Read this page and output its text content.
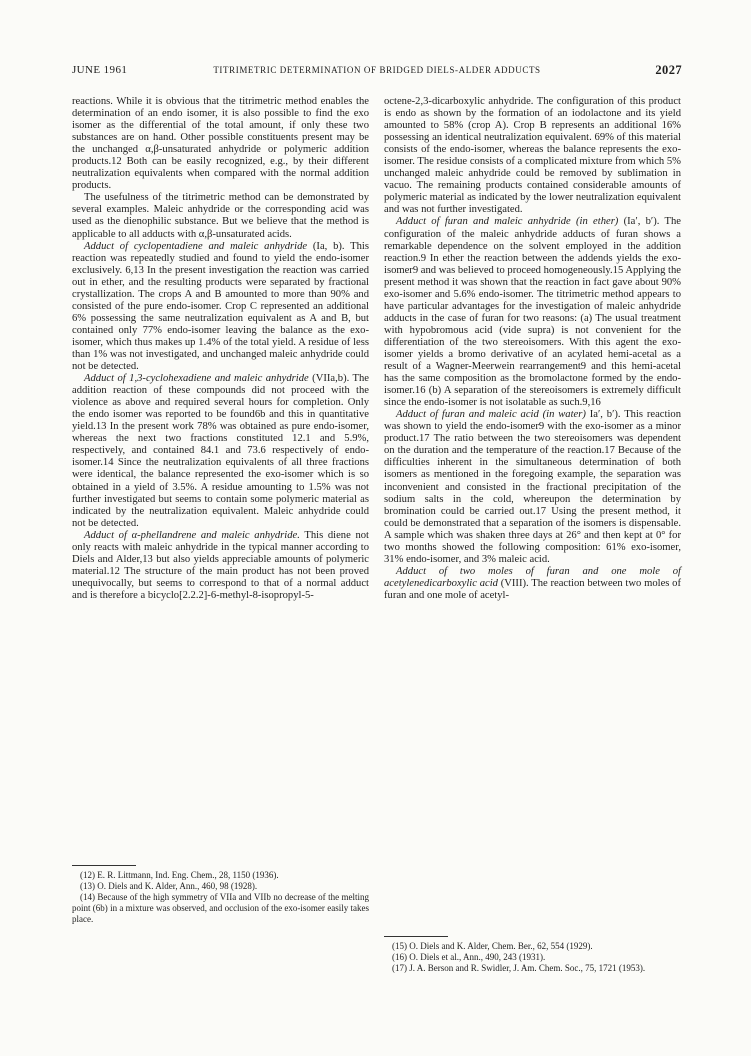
JUNE 1961	TITRIMETRIC DETERMINATION OF BRIDGED DIELS-ALDER ADDUCTS	2027

reactions. While it is obvious that the titrimetric method enables the determination of an endo isomer, it is also possible to find the exo isomer as the differential of the total amount, if only these two substances are on hand. Other possible constituents present may be the unchanged α,β-unsaturated anhydride or polymeric addition products.12 Both can be easily recognized, e.g., by their different neutralization equivalents when compared with the normal addition products.

The usefulness of the titrimetric method can be demonstrated by several examples. Maleic anhydride or the corresponding acid was used as the dienophilic substance. But we believe that the method is applicable to all adducts with α,β-unsaturated acids.

Adduct of cyclopentadiene and maleic anhydride (Ia, b). This reaction was repeatedly studied and found to yield the endo-isomer exclusively. 6,13 In the present investigation the reaction was carried out in ether, and the resulting products were separated by fractional crystallization. The crops A and B amounted to more than 90% and consisted of the pure endo-isomer. Crop C represented an additional 6% possessing the same neutralization equivalent as A and B, but contained only 77% endo-isomer leaving the balance as the exo-isomer, which thus makes up 1.4% of the total yield. A residue of less than 1% was not investigated, and unchanged maleic anhydride could not be detected.

Adduct of 1,3-cyclohexadiene and maleic anhydride (VIIa,b). The addition reaction of these compounds did not proceed with the violence as above and required several hours for completion. Only the endo isomer was reported to be found6b and this in quantitative yield.13 In the present work 78% was obtained as pure endo-isomer, whereas the next two fractions constituted 12.1 and 5.9%, respectively, and contained 84.1 and 73.6 respectively of endo-isomer.14 Since the neutralization equivalents of all three fractions were identical, the balance represented the exo-isomer which is so obtained in a yield of 3.5%. A residue amounting to 1.5% was not further investigated but seems to contain some polymeric material as indicated by the neutralization equivalent. Maleic anhydride could not be detected.

Adduct of α-phellandrene and maleic anhydride. This diene not only reacts with maleic anhydride in the typical manner according to Diels and Alder,13 but also yields appreciable amounts of polymeric material.12 The structure of the main product has not been proved unequivocally, but seems to correspond to that of a normal adduct and is therefore a bicyclo[2.2.2]-6-methyl-8-isopropyl-5-

(12) E. R. Littmann, Ind. Eng. Chem., 28, 1150 (1936).

(13) O. Diels and K. Alder, Ann., 460, 98 (1928).

(14) Because of the high symmetry of VIIa and VIIb no decrease of the melting point (6b) in a mixture was observed, and occlusion of the exo-isomer easily takes place.

octene-2,3-dicarboxylic anhydride. The configuration of this product is endo as shown by the formation of an iodolactone and its yield amounted to 58% (crop A). Crop B represents an additional 16% possessing an identical neutralization equivalent. 69% of this material consists of the endo-isomer, whereas the balance represents the exo-isomer. The residue consists of a complicated mixture from which 5% unchanged maleic anhydride could be removed by sublimation in vacuo. The remaining products contained considerable amounts of polymeric material as indicated by the lower neutralization equivalent and was not further investigated.

Adduct of furan and maleic anhydride (in ether) (Ia′, b′). The configuration of the maleic anhydride adducts of furan shows a remarkable dependence on the solvent employed in the addition reaction.9 In ether the reaction between the addends yields the exo-isomer9 and was believed to proceed homogeneously.15 Applying the present method it was shown that the reaction in fact gave about 90% exo-isomer and 5.6% endo-isomer. The titrimetric method appears to have particular advantages for the investigation of maleic anhydride adducts in the case of furan for two reasons: (a) The usual treatment with hypobromous acid (vide supra) is not convenient for the differentiation of the two stereoisomers. With this agent the exo-isomer yields a bromo derivative of an acylated hemi-acetal as a result of a Wagner-Meerwein rearrangement9 and this hemi-acetal has the same composition as the bromolactone formed by the endo-isomer.16 (b) A separation of the stereoisomers is extremely difficult since the endo-isomer is not isolatable as such.9,16

Adduct of furan and maleic acid (in water) Ia′, b′). This reaction was shown to yield the endo-isomer9 with the exo-isomer as a minor product.17 The ratio between the two stereoisomers was dependent on the duration and the temperature of the reaction.17 Because of the difficulties inherent in the simultaneous determination of both isomers as mentioned in the foregoing example, the separation was inconvenient and consisted in the fractional precipitation of the sodium salts in the cold, whereupon the determination by bromination could be carried out.17 Using the present method, it could be demonstrated that a separation of the isomers is dispensable. A sample which was shaken three days at 26° and then kept at 0° for two months showed the following composition: 61% exo-isomer, 31% endo-isomer, and 3% maleic acid.

Adduct of two moles of furan and one mole of acetylenedicarboxylic acid (VIII). The reaction between two moles of furan and one mole of acetyl-

(15) O. Diels and K. Alder, Chem. Ber., 62, 554 (1929).

(16) O. Diels et al., Ann., 490, 243 (1931).

(17) J. A. Berson and R. Swidler, J. Am. Chem. Soc., 75, 1721 (1953).
